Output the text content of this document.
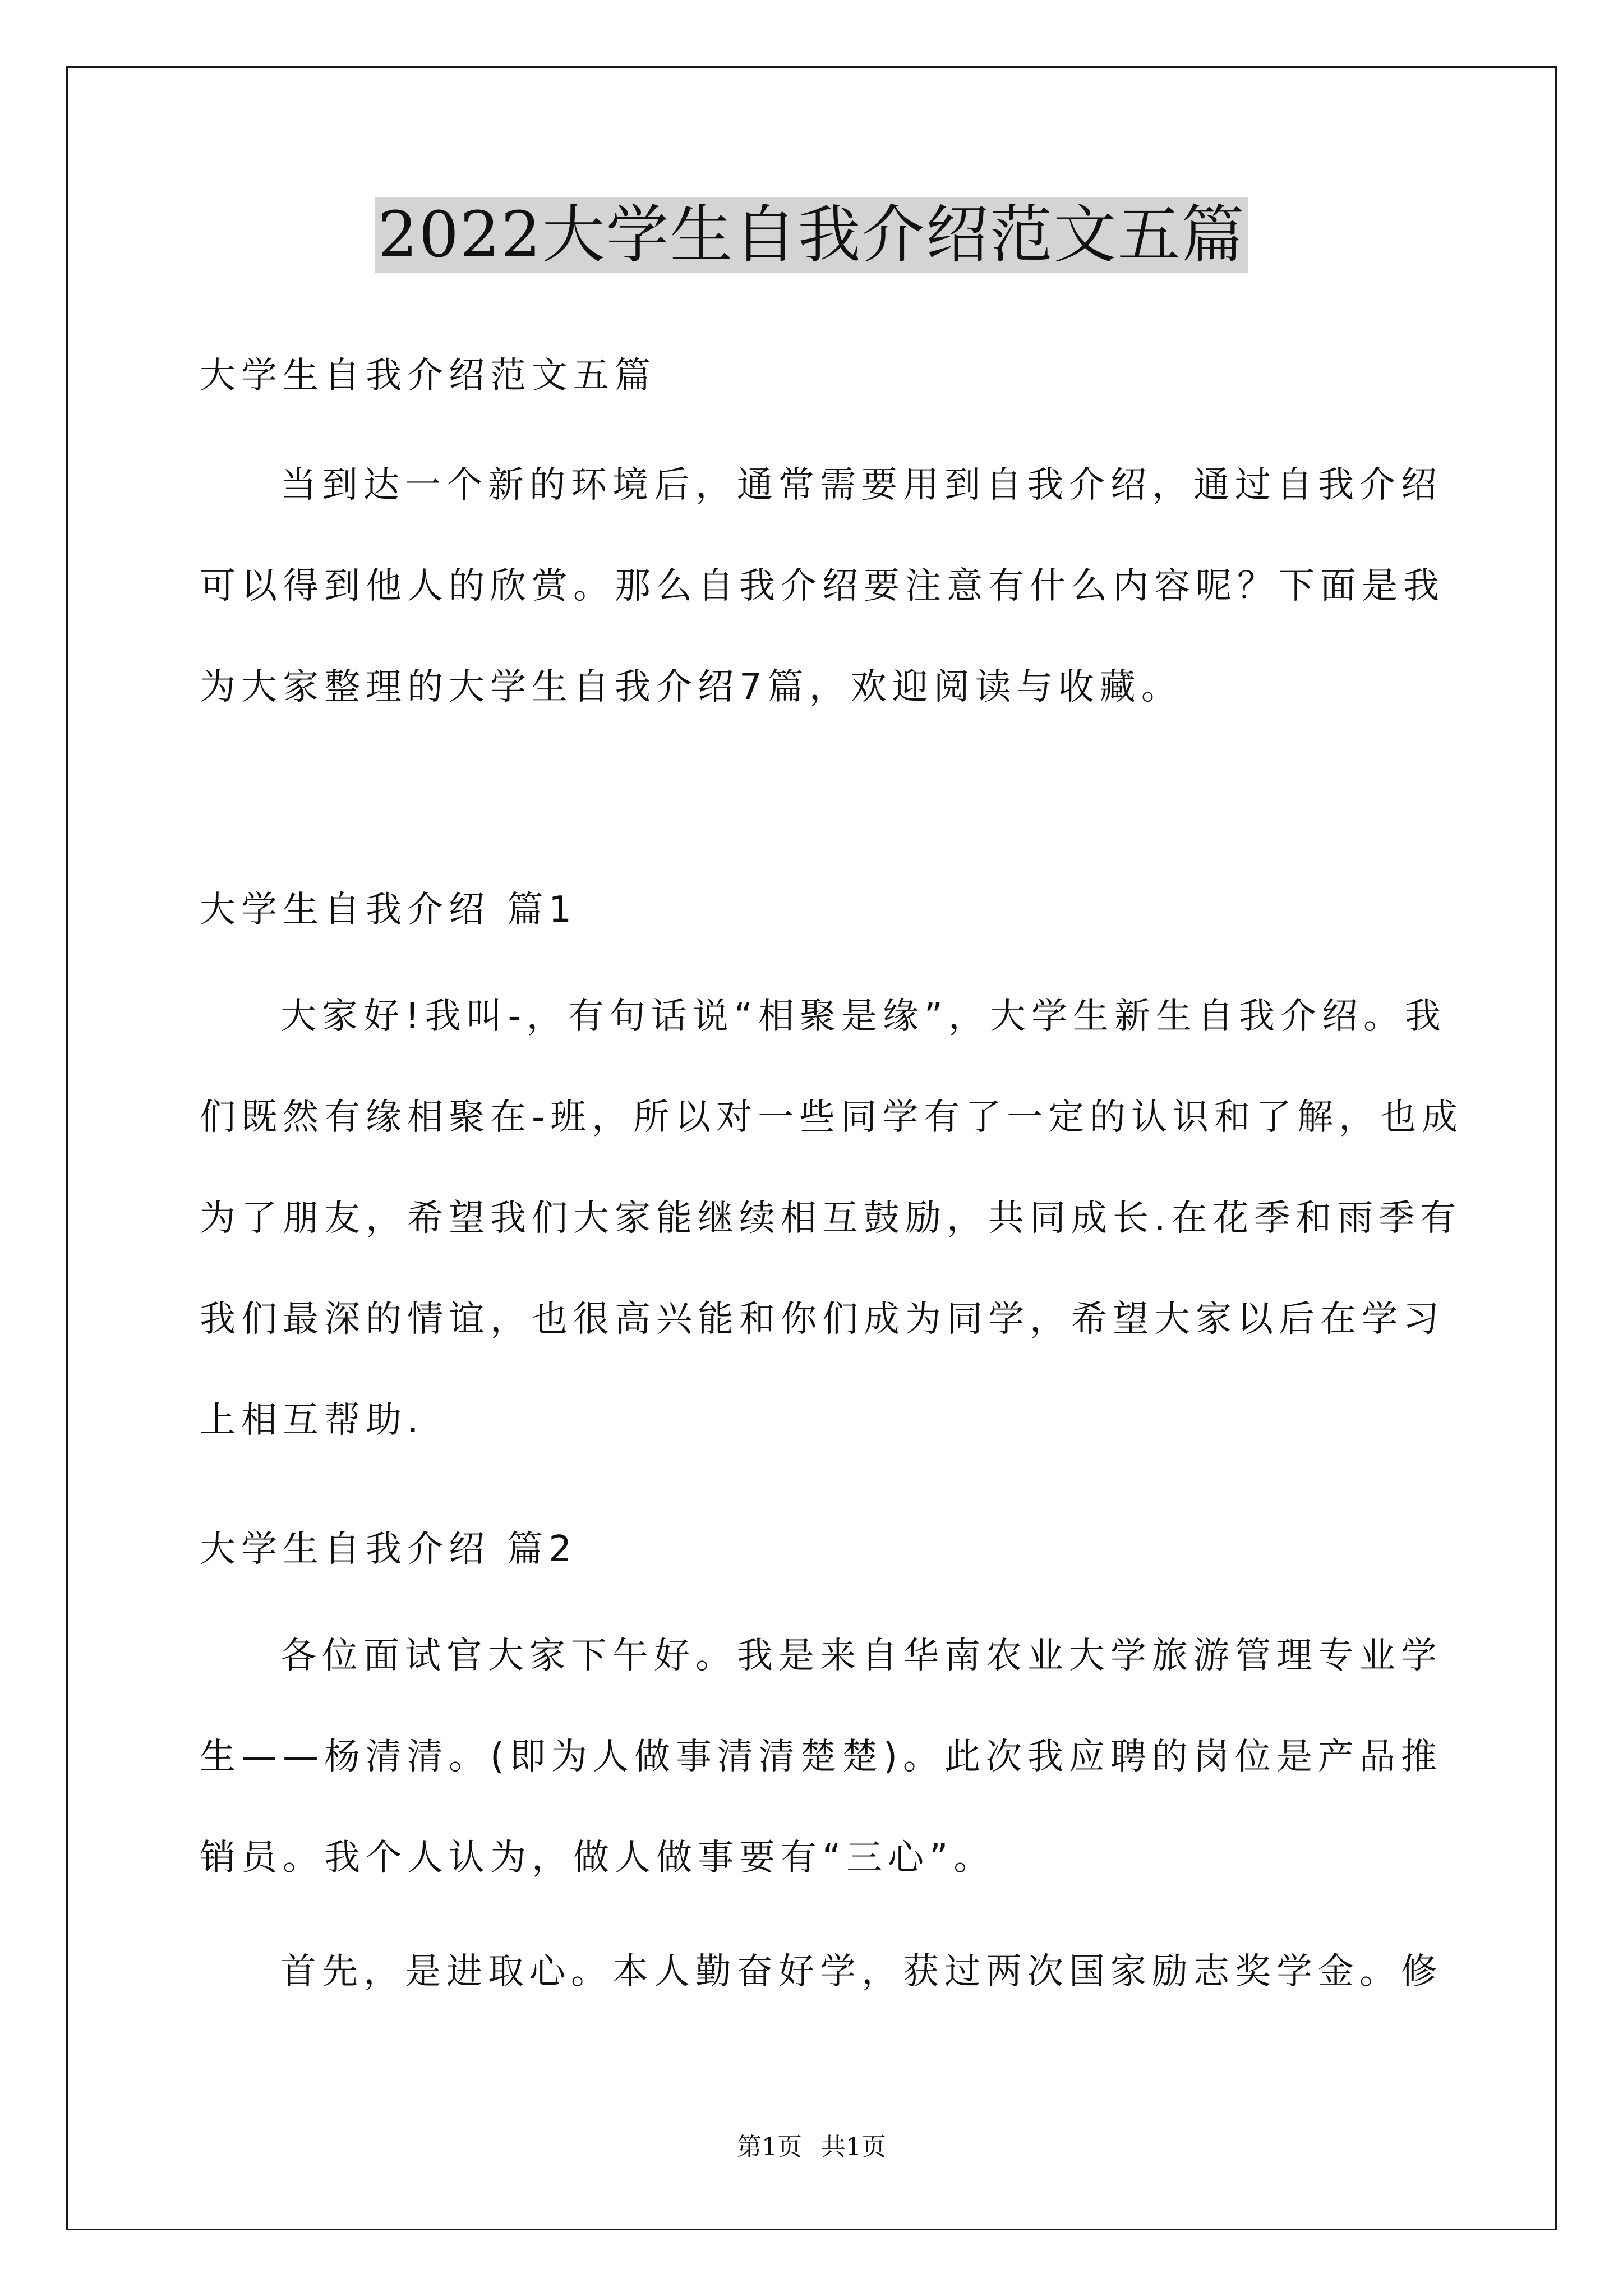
2022大学生自我介绍范文五篇
大学生自我介绍范文五篇
当到达一个新的环境后，通常需要用到自我介绍，通过自我介绍
可以得到他人的欣赏。那么自我介绍要注意有什么内容呢？下面是我
为大家整理的大学生自我介绍7篇，欢迎阅读与收藏。
大学生自我介绍 篇1
大家好!我叫-，有句话说“相聚是缘”，大学生新生自我介绍。我
们既然有缘相聚在-班，所以对一些同学有了一定的认识和了解，也成
为了朋友，希望我们大家能继续相互鼓励，共同成长.在花季和雨季有
我们最深的情谊，也很高兴能和你们成为同学，希望大家以后在学习
上相互帮助.
大学生自我介绍 篇2
各位面试官大家下午好。我是来自华南农业大学旅游管理专业学
生——杨清清。(即为人做事清清楚楚)。此次我应聘的岗位是产品推
销员。我个人认为，做人做事要有“三心”。
首先，是进取心。本人勤奋好学，获过两次国家励志奖学金。修
第1页 共1页
